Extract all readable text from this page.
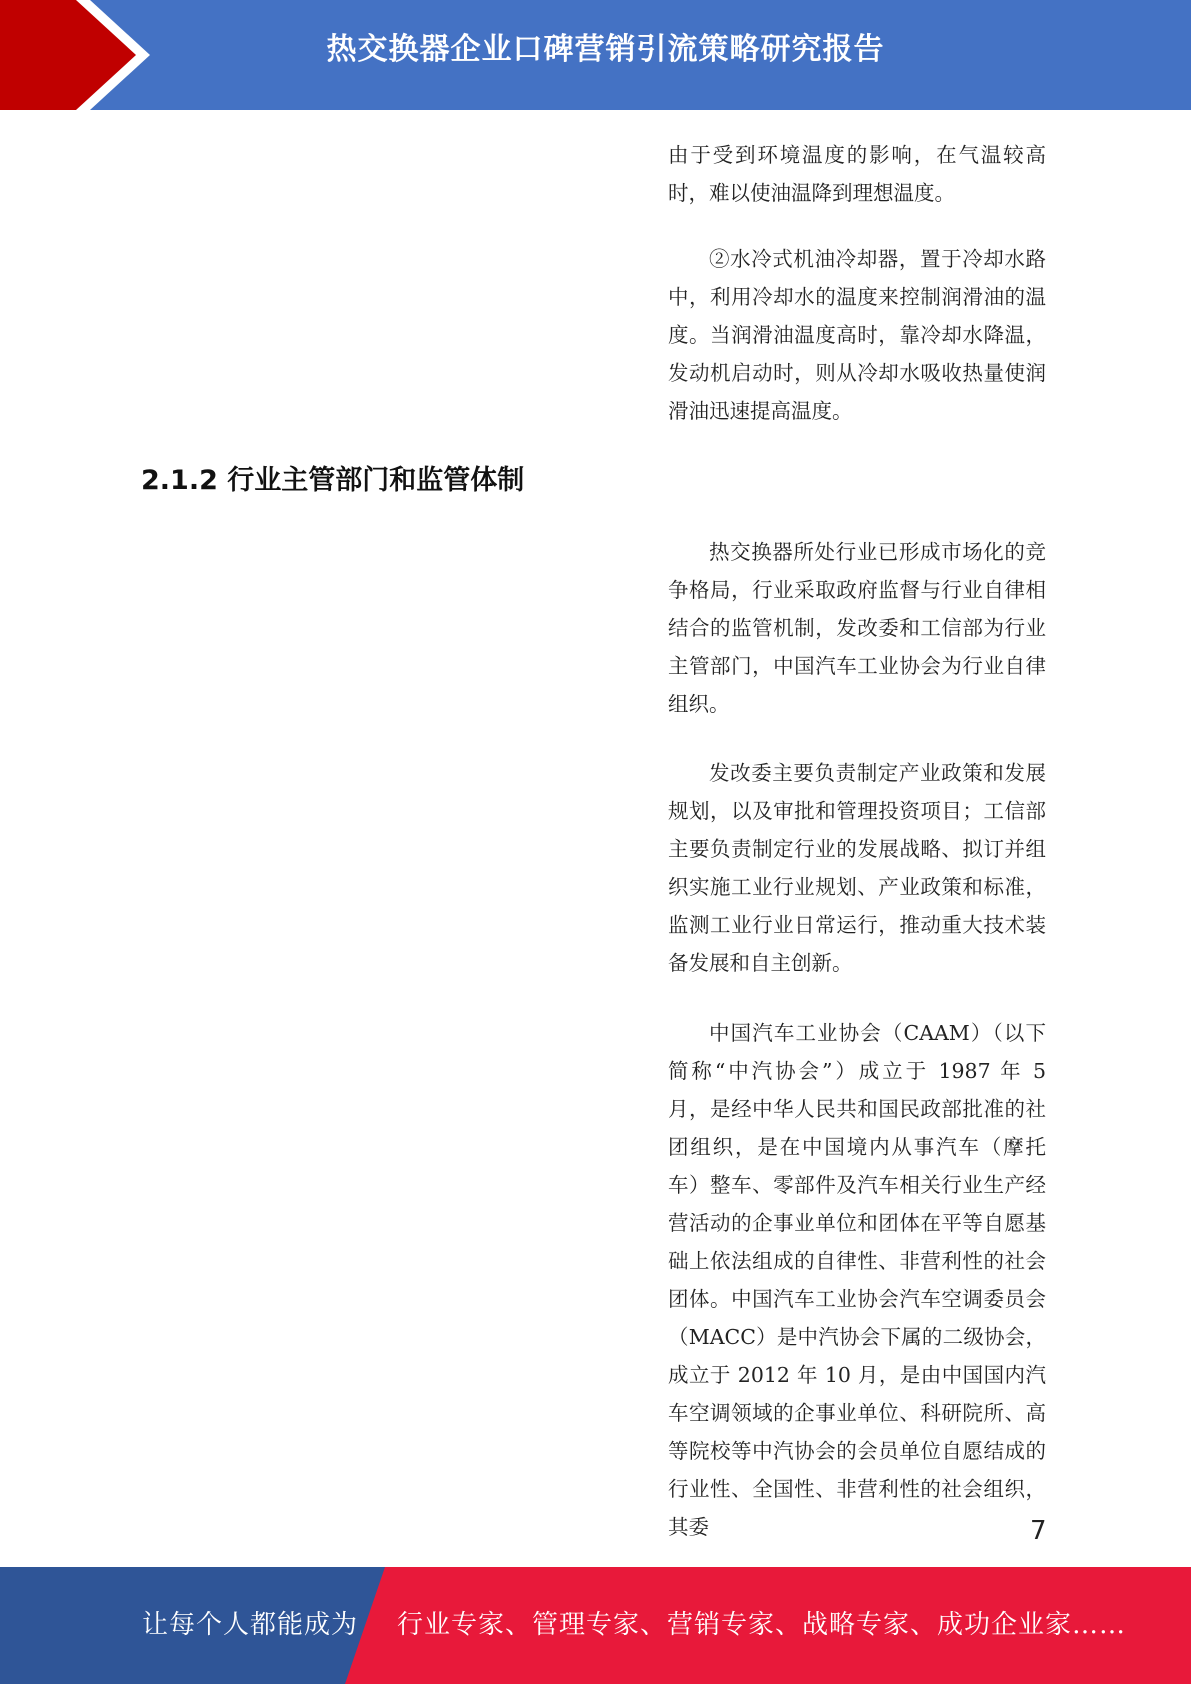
热交换器企业口碑营销引流策略研究报告

由于受到环境温度的影响，在气温较高时，难以使油温降到理想温度。

②水冷式机油冷却器，置于冷却水路中，利用冷却水的温度来控制润滑油的温度。当润滑油温度高时，靠冷却水降温，发动机启动时，则从冷却水吸收热量使润滑油迅速提高温度。

2.1.2 行业主管部门和监管体制

热交换器所处行业已形成市场化的竞争格局，行业采取政府监督与行业自律相结合的监管机制，发改委和工信部为行业主管部门，中国汽车工业协会为行业自律组织。

发改委主要负责制定产业政策和发展规划，以及审批和管理投资项目；工信部主要负责制定行业的发展战略、拟订并组织实施工业行业规划、产业政策和标准，监测工业行业日常运行，推动重大技术装备发展和自主创新。

中国汽车工业协会（CAAM）（以下简称“中汽协会”）成立于 1987 年 5 月，是经中华人民共和国民政部批准的社团组织，是在中国境内从事汽车（摩托车）整车、零部件及汽车相关行业生产经营活动的企事业单位和团体在平等自愿基础上依法组成的自律性、非营利性的社会团体。中国汽车工业协会汽车空调委员会（MACC）是中汽协会下属的二级协会，成立于 2012 年 10 月，是由中国国内汽车空调领域的企事业单位、科研院所、高等院校等中汽协会的会员单位自愿结成的行业性、全国性、非营利性的社会组织，其委	7
让每个人都能成为 行业专家、管理专家、营销专家、战略专家、成功企业家……
